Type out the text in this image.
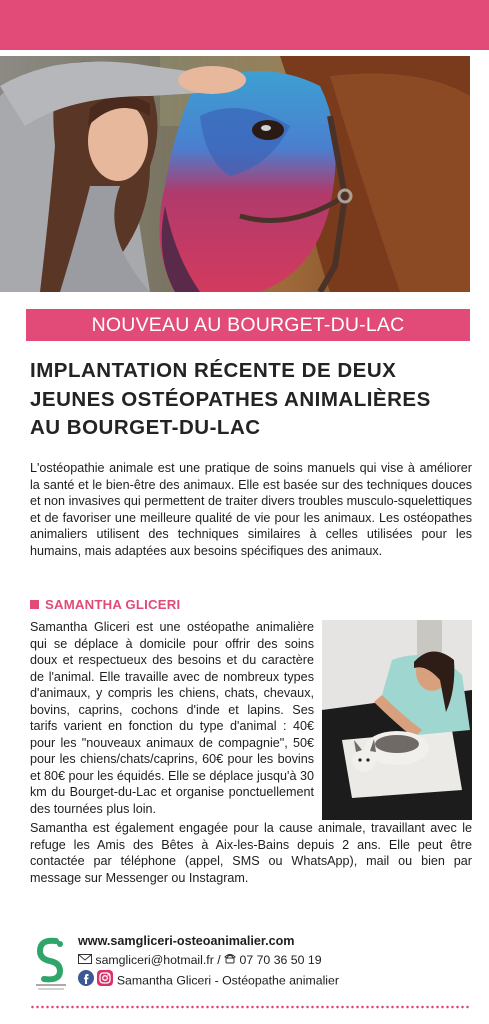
NOUVEAU AU BOURGET-DU-LAC
IMPLANTATION RÉCENTE DE DEUX
JEUNES OSTÉOPATHES ANIMALIÈRES
AU BOURGET-DU-LAC

L'ostéopathie animale est une pratique de soins manuels qui vise à améliorer la santé et le bien-être des animaux. Elle est basée sur des techniques douces et non invasives qui permettent de traiter divers troubles musculo-squelettiques et de favoriser une meilleure qualité de vie pour les animaux. Les ostéopathes animaliers utilisent des techniques similaires à celles utilisées pour les humains, mais adaptées aux besoins spécifiques des animaux.

SAMANTHA GLICERI

Samantha Gliceri est une ostéopathe animalière qui se déplace à domicile pour offrir des soins doux et respectueux des besoins et du caractère de l'animal. Elle travaille avec de nombreux types d'animaux, y compris les chiens, chats, chevaux, bovins, caprins, cochons d'inde et lapins. Ses tarifs varient en fonction du type d'animal : 40€ pour les "nouveaux animaux de compagnie", 50€ pour les chiens/chats/caprins, 60€ pour les bovins et 80€ pour les équidés. Elle se déplace jusqu'à 30 km du Bourget-du-Lac et organise ponctuellement des tournées plus loin.

Samantha est également engagée pour la cause animale, travaillant avec le refuge les Amis des Bêtes à Aix-les-Bains depuis 2 ans. Elle peut être contactée par téléphone (appel, SMS ou WhatsApp), mail ou bien par message sur Messenger ou Instagram.

www.samgliceri-osteoanimalier.com
samgliceri@hotmail.fr /  07 70 36 50 19
Samantha Gliceri - Ostéopathe animalier
